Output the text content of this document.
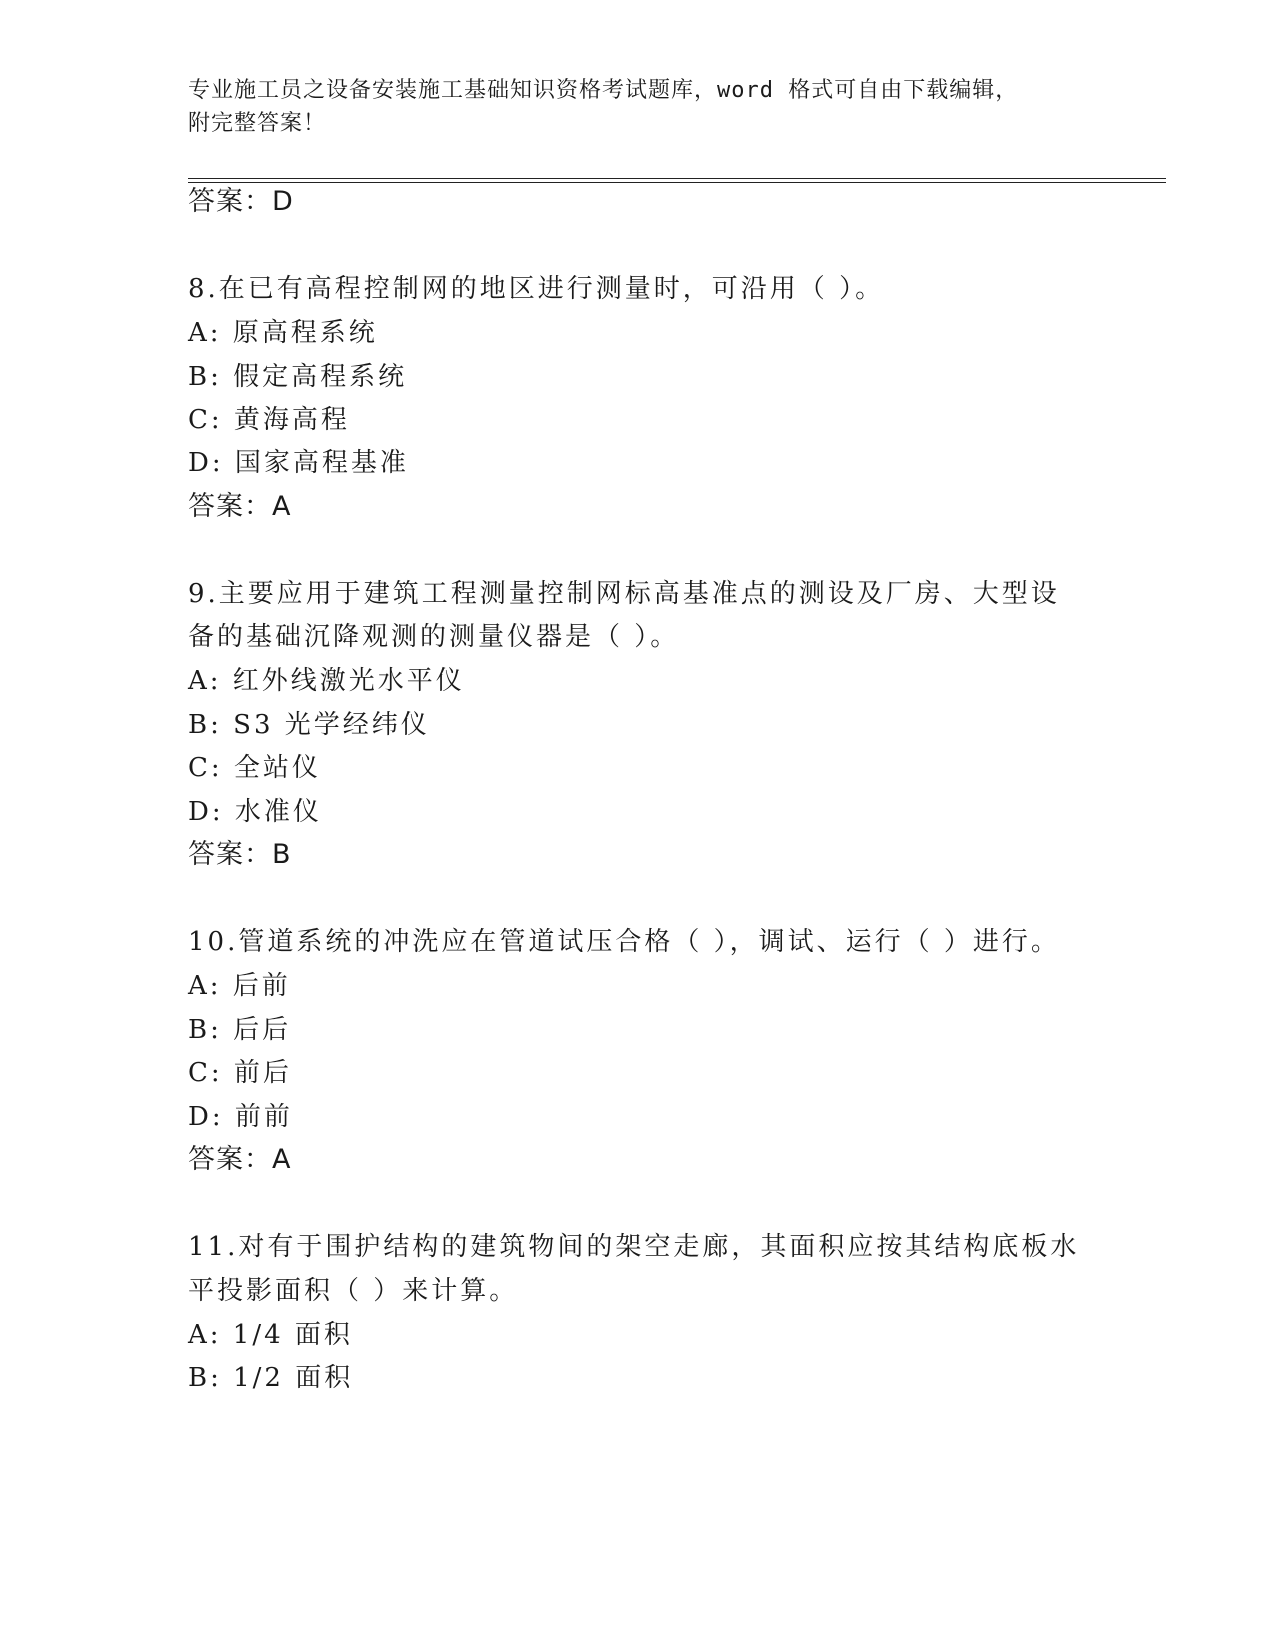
专业施工员之设备安装施工基础知识资格考试题库，word 格式可自由下载编辑，
附完整答案！
答案：D
8.在已有高程控制网的地区进行测量时，可沿用（ ）。
A: 原高程系统
B: 假定高程系统
C: 黄海高程
D: 国家高程基准
答案：A
9.主要应用于建筑工程测量控制网标高基准点的测设及厂房、大型设
备的基础沉降观测的测量仪器是（ ）。
A: 红外线激光水平仪
B: S3 光学经纬仪
C: 全站仪
D: 水准仪
答案：B
10.管道系统的冲洗应在管道试压合格（ ），调试、运行（ ）进行。
A: 后前
B: 后后
C: 前后
D: 前前
答案：A
11.对有于围护结构的建筑物间的架空走廊，其面积应按其结构底板水
平投影面积（ ）来计算。
A: 1/4 面积
B: 1/2 面积
